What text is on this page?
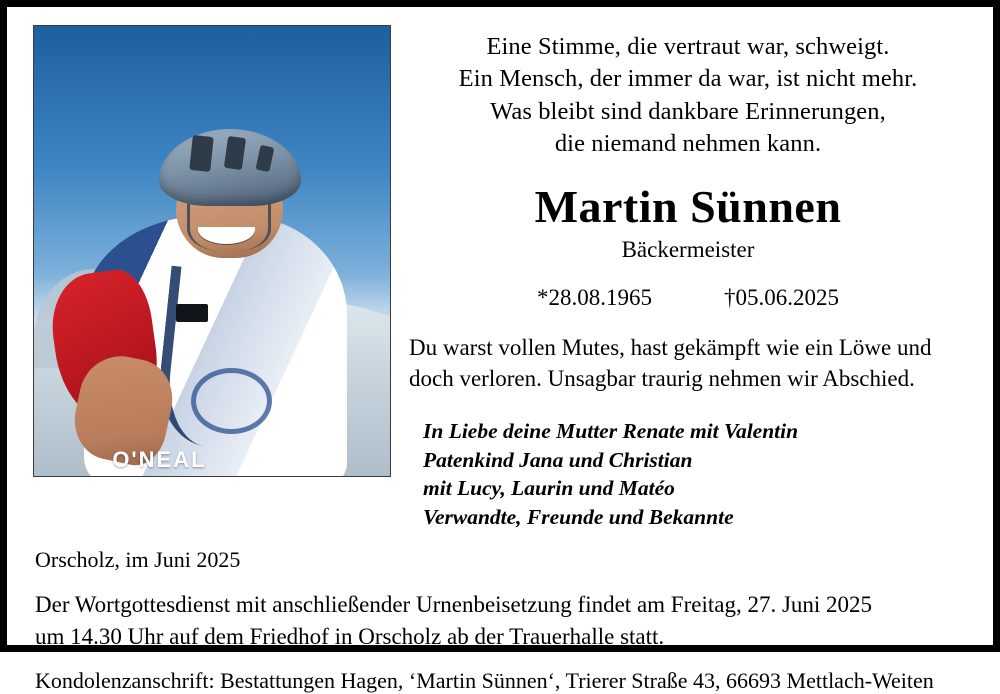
O'NEAL
Eine Stimme, die vertraut war, schweigt.
Ein Mensch, der immer da war, ist nicht mehr.
Was bleibt sind dankbare Erinnerungen,
die niemand nehmen kann.
Martin Sünnen
Bäckermeister
*28.08.1965	†05.06.2025
Du warst vollen Mutes, hast gekämpft wie ein Löwe und
doch verloren. Unsagbar traurig nehmen wir Abschied.
In Liebe deine Mutter Renate mit Valentin
Patenkind Jana und Christian
mit Lucy, Laurin und Matéo
Verwandte, Freunde und Bekannte
Orscholz, im Juni 2025
Der Wortgottesdienst mit anschließender Urnenbeisetzung findet am Freitag, 27. Juni 2025
um 14.30 Uhr auf dem Friedhof in Orscholz ab der Trauerhalle statt.
Kondolenzanschrift: Bestattungen Hagen, ‘Martin Sünnen‘, Trierer Straße 43, 66693 Mettlach-Weiten
